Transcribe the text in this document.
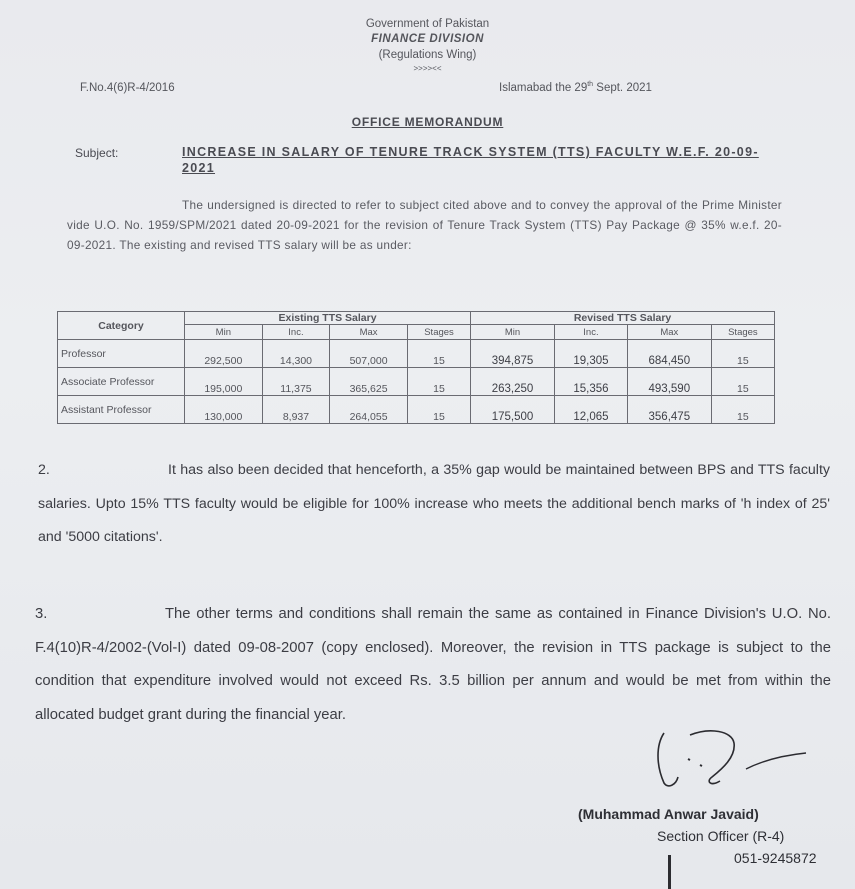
Government of Pakistan
FINANCE DIVISION
(Regulations Wing)
>>>><<
F.No.4(6)R-4/2016	Islamabad the 29th Sept. 2021
OFFICE MEMORANDUM
Subject:	INCREASE IN SALARY OF TENURE TRACK SYSTEM (TTS) FACULTY W.E.F. 20-09-2021
The undersigned is directed to refer to subject cited above and to convey the approval of the Prime Minister vide U.O. No. 1959/SPM/2021 dated 20-09-2021 for the revision of Tenure Track System (TTS) Pay Package @ 35% w.e.f. 20-09-2021. The existing and revised TTS salary will be as under:
Category	Existing TTS Salary				Revised TTS Salary			
	Min	Inc.	Max	Stages	Min	Inc.	Max	Stages
Professor	292,500	14,300	507,000	15	394,875	19,305	684,450	15
Associate Professor	195,000	11,375	365,625	15	263,250	15,356	493,590	15
Assistant Professor	130,000	8,937	264,055	15	175,500	12,065	356,475	15
2.	It has also been decided that henceforth, a 35% gap would be maintained between BPS and TTS faculty salaries. Upto 15% TTS faculty would be eligible for 100% increase who meets the additional bench marks of 'h index of 25' and '5000 citations'.
3.	The other terms and conditions shall remain the same as contained in Finance Division's U.O. No. F.4(10)R-4/2002-(Vol-I) dated 09-08-2007 (copy enclosed). Moreover, the revision in TTS package is subject to the condition that expenditure involved would not exceed Rs. 3.5 billion per annum and would be met from within the allocated budget grant during the financial year.
(Muhammad Anwar Javaid)
Section Officer (R-4)
051-9245872
